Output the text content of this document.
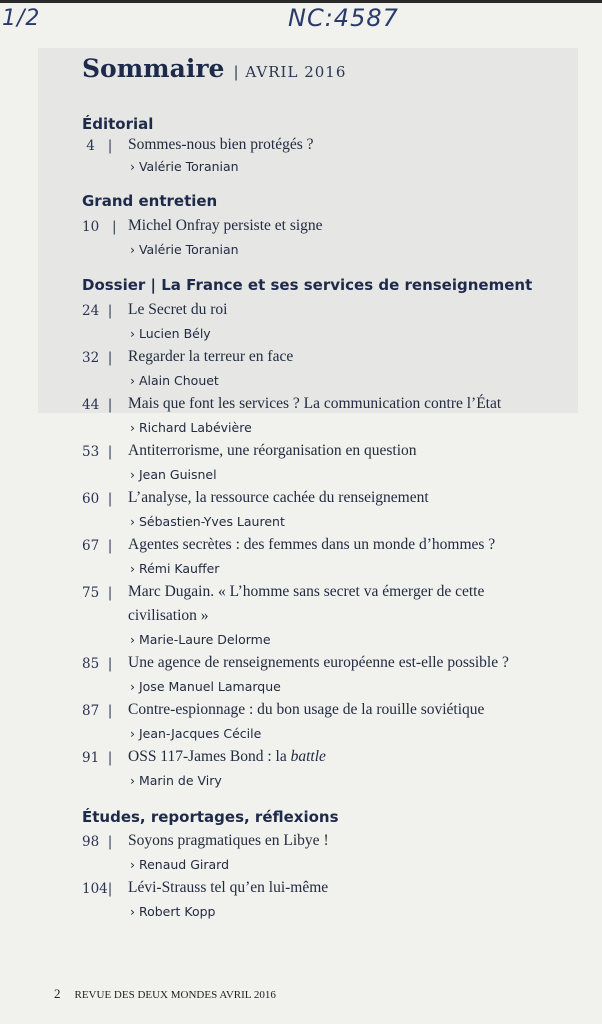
1/2	NC:4587
Sommaire | AVRIL 2016
Éditorial
4   |	Sommes-nous bien protégés ?
› Valérie Toranian
Grand entretien
10   | Michel Onfray persiste et signe
› Valérie Toranian
Dossier | La France et ses services de renseignement
24  |	Le Secret du roi
› Lucien Bély
32  |	Regarder la terreur en face
› Alain Chouet
44  |	Mais que font les services ? La communication contre l’État
› Richard Labévière
53  |	Antiterrorisme, une réorganisation en question
› Jean Guisnel
60  |	L’analyse, la ressource cachée du renseignement
› Sébastien-Yves Laurent
67  |	Agentes secrètes : des femmes dans un monde d’hommes ?
› Rémi Kauffer
75  |	Marc Dugain. « L’homme sans secret va émerger de cette
civilisation »
› Marie-Laure Delorme
85  |	Une agence de renseignements européenne est-elle possible ?
› Jose Manuel Lamarque
87  |	Contre-espionnage : du bon usage de la rouille soviétique
› Jean-Jacques Cécile
91  |	OSS 117-James Bond : la battle
› Marin de Viry
Études, reportages, réflexions
98  |	Soyons pragmatiques en Libye !
› Renaud Girard
104|	Lévi-Strauss tel qu’en lui-même
› Robert Kopp
2 REVUE DES DEUX MONDES AVRIL 2016
